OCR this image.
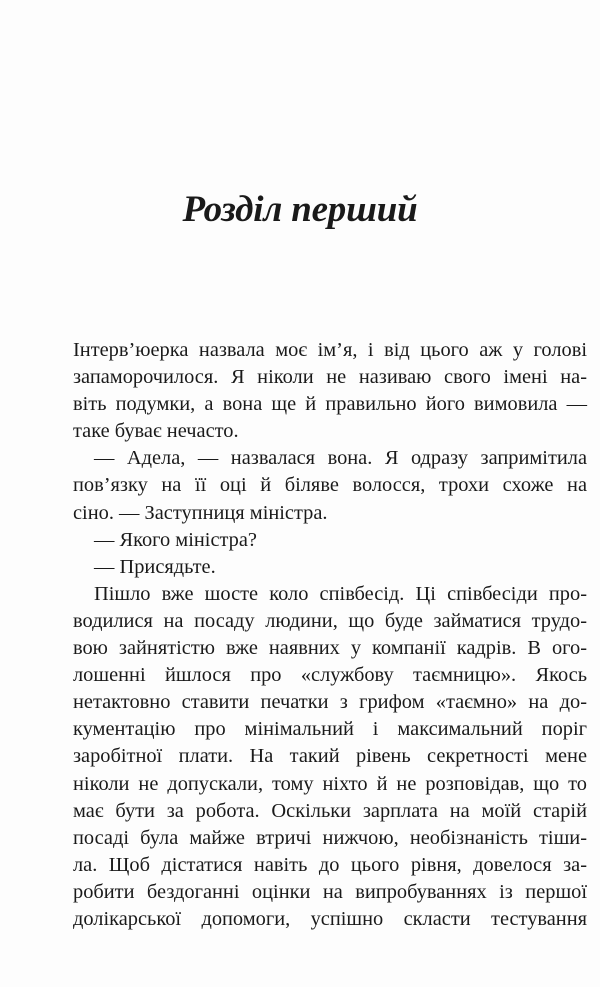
Розділ перший
Інтерв’юерка назвала моє ім’я, і від цього аж у голові
запаморочилося. Я ніколи не називаю свого імені на-
віть подумки, а вона ще й правильно його вимовила —
таке буває нечасто.
— Адела, — назвалася вона. Я одразу запримітила
пов’язку на її оці й біляве волосся, трохи схоже на
сіно. — Заступниця міністра.
— Якого міністра?
— Присядьте.
Пішло вже шосте коло співбесід. Ці співбесіди про-
водилися на посаду людини, що буде займатися трудо-
вою зайнятістю вже наявних у компанії кадрів. В ого-
лошенні йшлося про «службову таємницю». Якось
нетактовно ставити печатки з грифом «таємно» на до-
кументацію про мінімальний і максимальний поріг
заробітної плати. На такий рівень секретності мене
ніколи не допускали, тому ніхто й не розповідав, що то
має бути за робота. Оскільки зарплата на моїй старій
посаді була майже втричі нижчою, необізнаність тіши-
ла. Щоб дістатися навіть до цього рівня, довелося за-
робити бездоганні оцінки на випробуваннях із першої
долікарської допомоги, успішно скласти тестування
